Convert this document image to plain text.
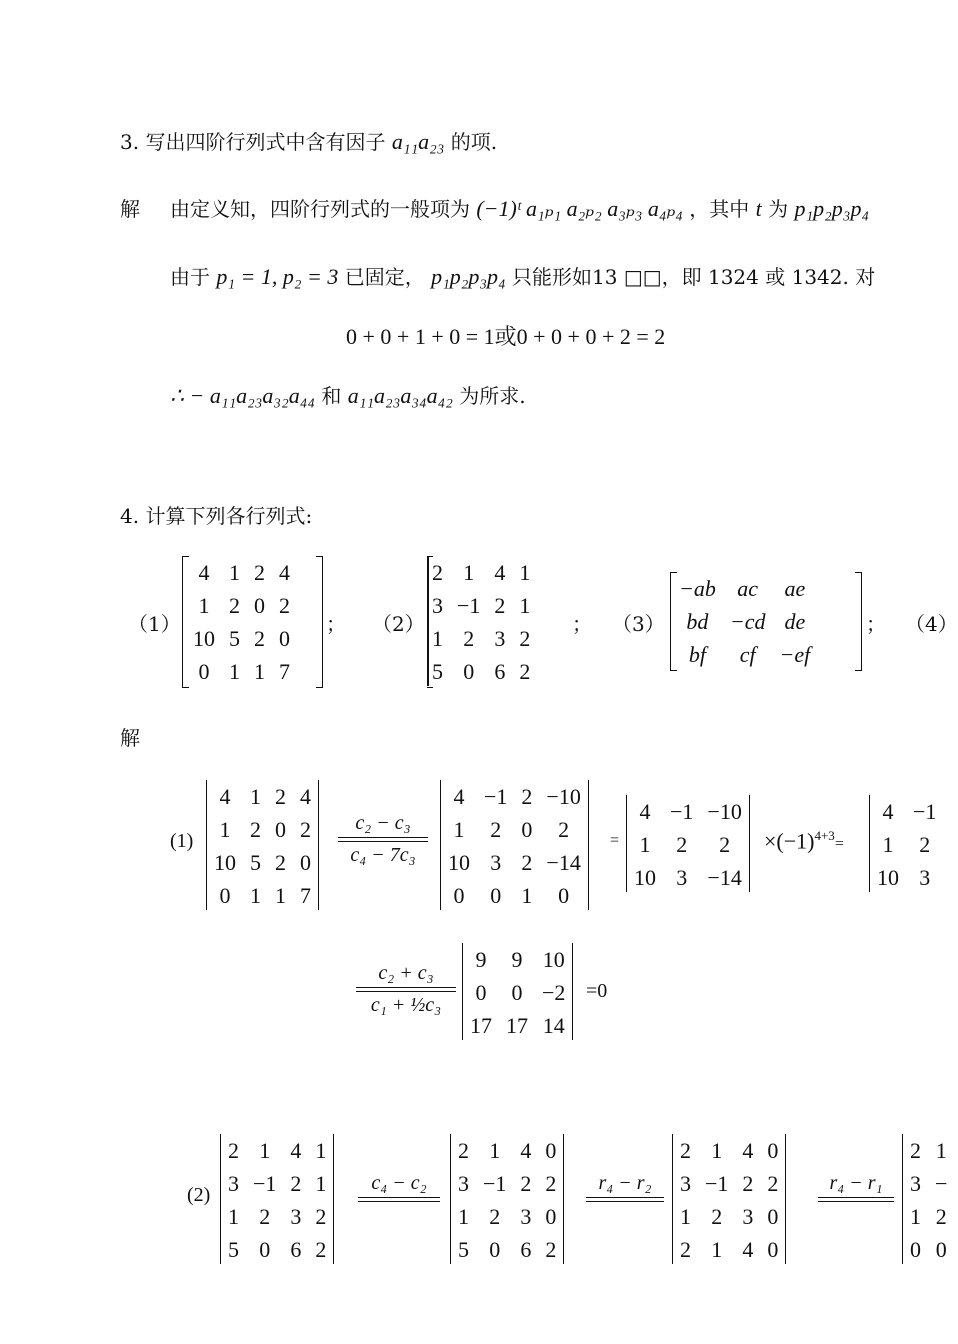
3. 写出四阶行列式中含有因子 a₁₁a₂₃ 的项.
解 由定义知，四阶行列式的一般项为 (−1)ᵗ a₁ₚ₁ a₂ₚ₂ a₃ₚ₃ a₄ₚ₄ ，其中 t 为 p₁p₂p₃p₄
由于 p₁ = 1, p₂ = 3 已固定， p₁p₂p₃p₄ 只能形如13 □□，即 1324 或 1342. 对
0 + 0 + 1 + 0 = 1或0 + 0 + 0 + 2 = 2
∴ − a₁₁a₂₃a₃₂a₄₄ 和 a₁₁a₂₃a₃₄a₄₂ 为所求.
4. 计算下列各行列式:
（1）
4	1	2	4
1	2	0	2
10	5	2	0
0	1	1	7
； （2）
2	1	4	1
3	−1	2	1
1	2	3	2
5	0	6	2
； （3）
−ab	ac	ae
bd	−cd	de
bf	cf	−ef
； （4）
解
(1)
4	1	2	4
1	2	0	2
10	5	2	0
0	1	1	7
c₂ − c₃
c₄ − 7c₃
4	−1	2	−10
1	2	0	2
10	3	2	−14
0	0	1	0
=
4	−1	−10
1	2	2
10	3	−14
$\times(-1)^{4+3}=$
4	−1
1	2
10	3
c₂ + c₃
c₁ + ½c₃
9	9	10
0	0	−2
17	17	14
=0
(2)
2	1	4	1
3	−1	2	1
1	2	3	2
5	0	6	2
c₄ − c₂
2	1	4	0
3	−1	2	2
1	2	3	0
5	0	6	2
r₄ − r₂
2	1	4	0
3	−1	2	2
1	2	3	0
2	1	4	0
r₄ − r₁
2	1
3	−
1	2
0	0
